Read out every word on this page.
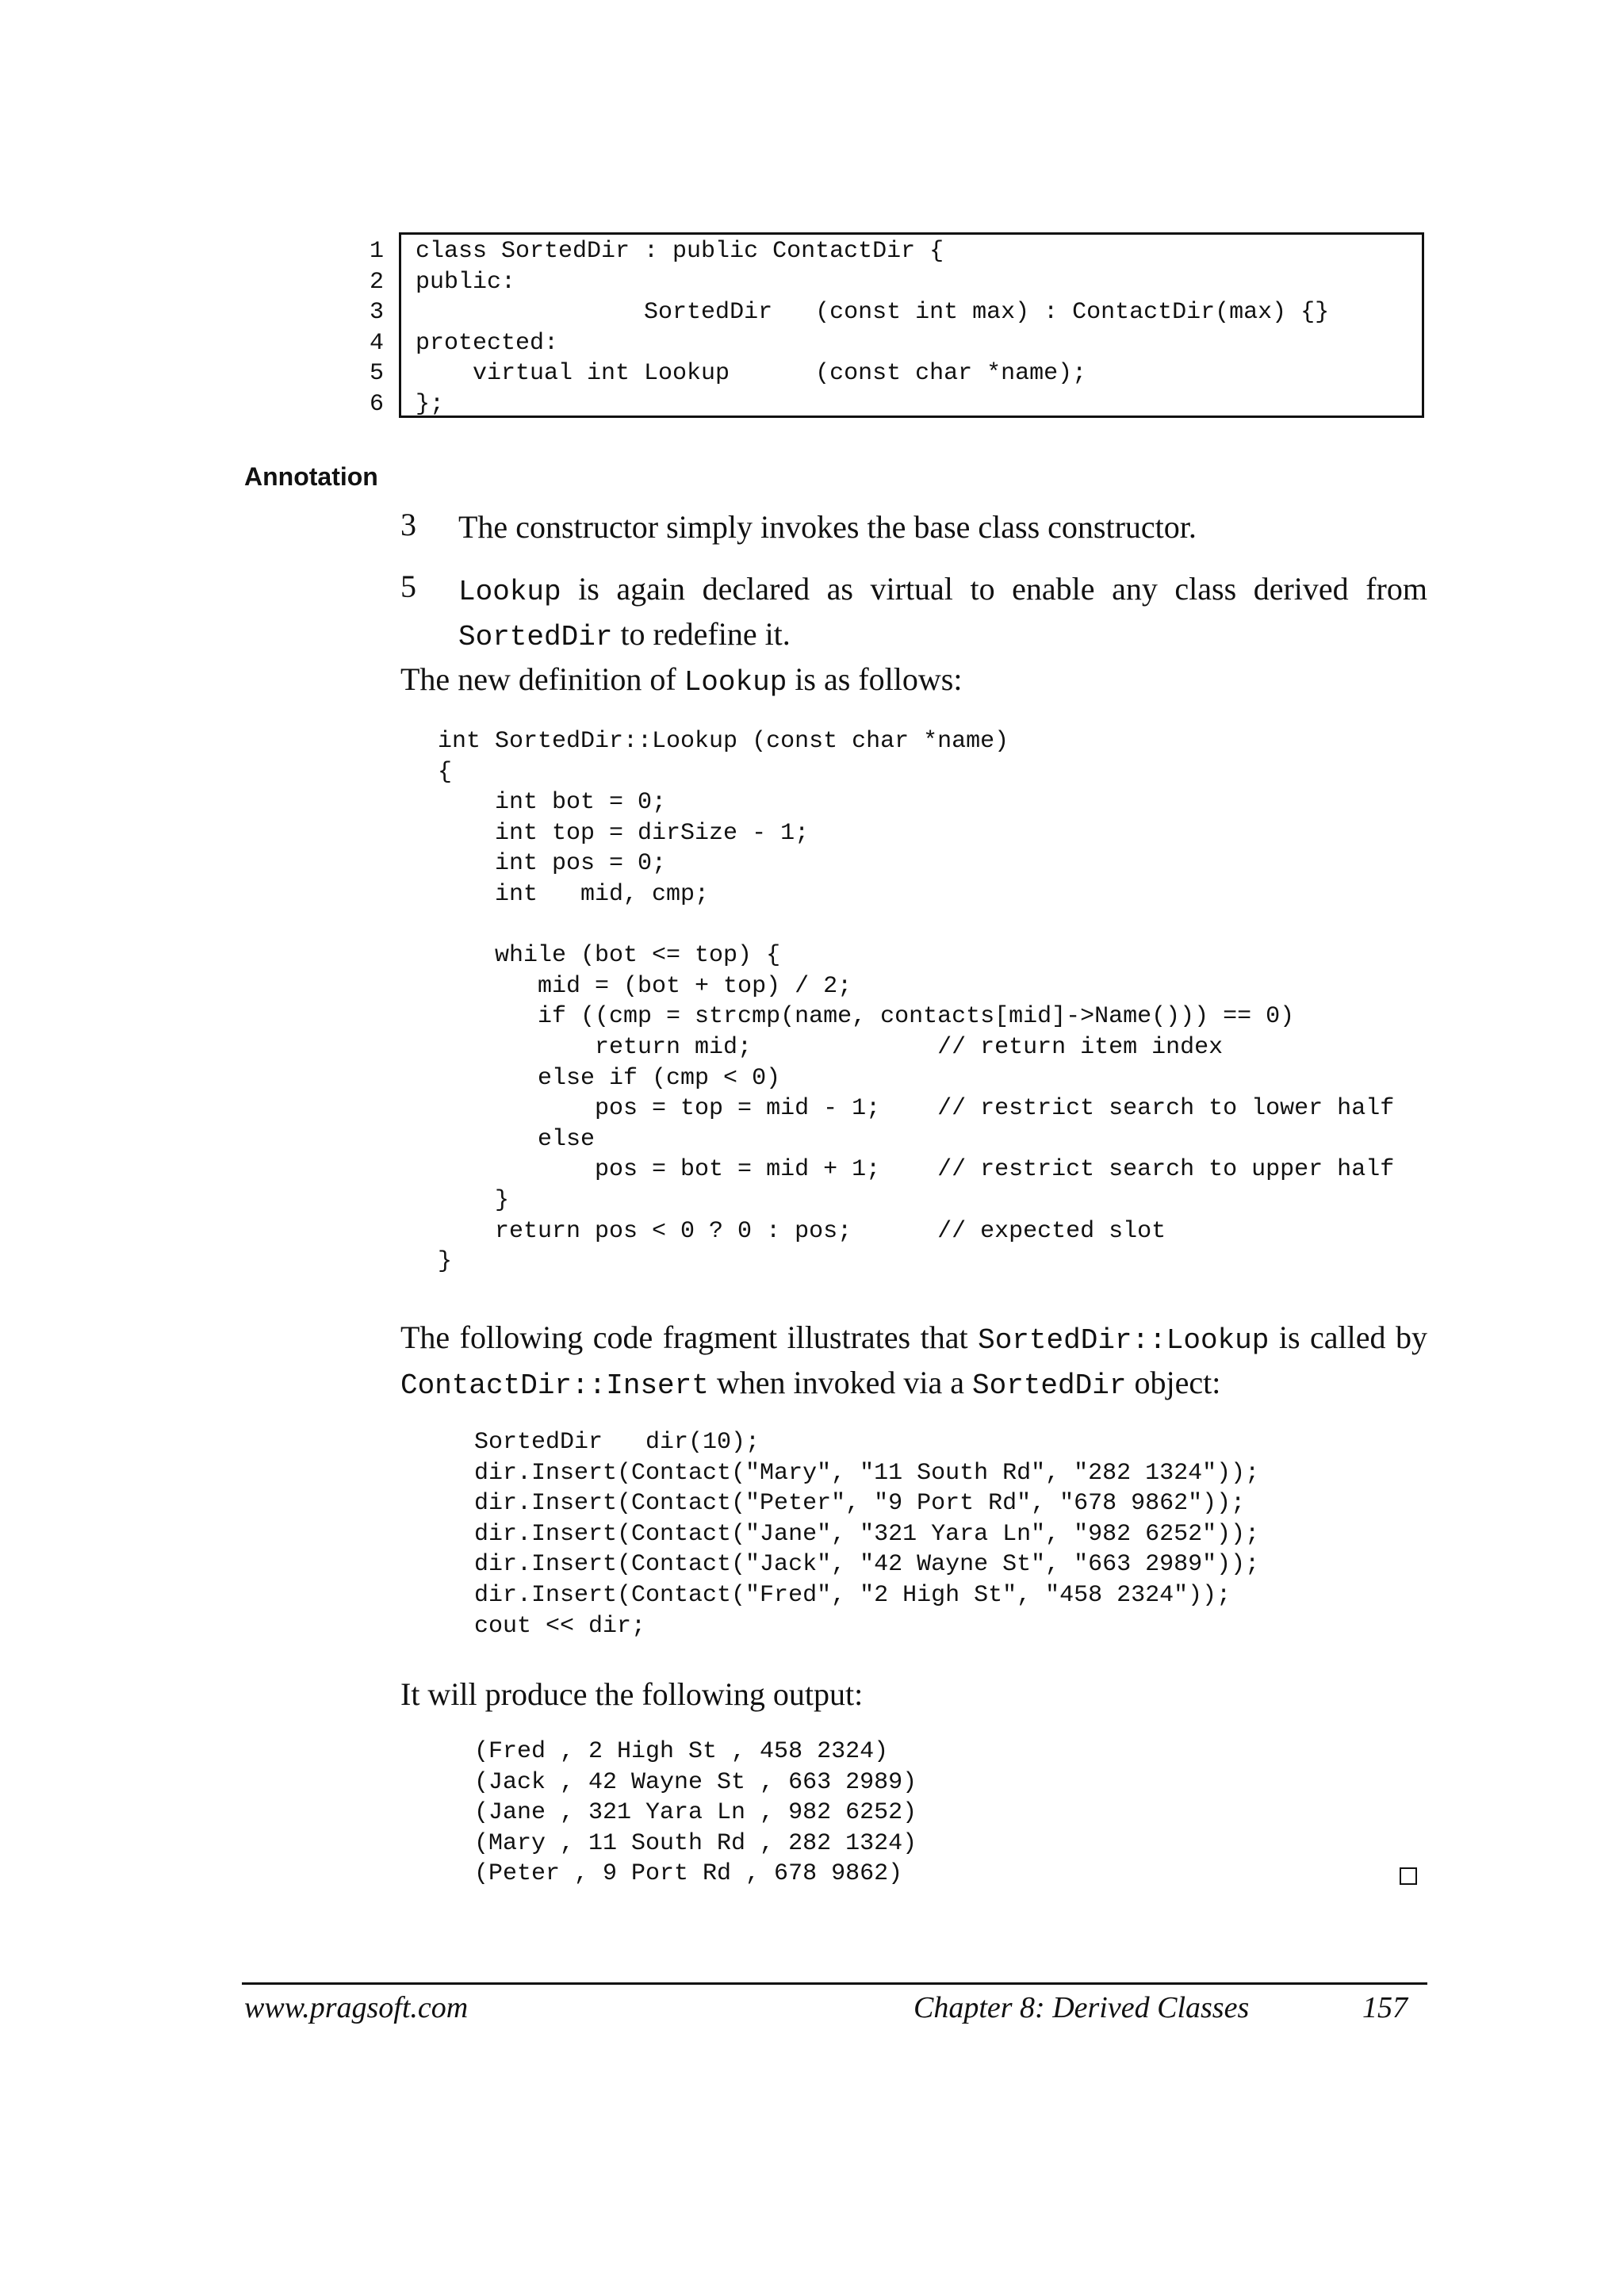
1
2
3
4
5
6
class SortedDir : public ContactDir {
public:
SortedDir   (const int max) : ContactDir(max) {}
protected:
virtual int Lookup      (const char *name);
};
Annotation
3 The constructor simply invokes the base class constructor.
5 Lookup is again declared as virtual to enable any class derived from SortedDir to redefine it.
The new definition of Lookup is as follows:
int SortedDir::Lookup (const char *name)
{
int bot = 0;
int top = dirSize - 1;
int pos = 0;
int   mid, cmp;

while (bot <= top) {
mid = (bot + top) / 2;
if ((cmp = strcmp(name, contacts[mid]->Name())) == 0)
return mid;             // return item index
else if (cmp < 0)
pos = top = mid - 1;    // restrict search to lower half
else
pos = bot = mid + 1;    // restrict search to upper half
}
return pos < 0 ? 0 : pos;      // expected slot
}
The following code fragment illustrates that SortedDir::Lookup is called by ContactDir::Insert when invoked via a SortedDir object:
SortedDir   dir(10);
dir.Insert(Contact("Mary", "11 South Rd", "282 1324"));
dir.Insert(Contact("Peter", "9 Port Rd", "678 9862"));
dir.Insert(Contact("Jane", "321 Yara Ln", "982 6252"));
dir.Insert(Contact("Jack", "42 Wayne St", "663 2989"));
dir.Insert(Contact("Fred", "2 High St", "458 2324"));
cout << dir;
It will produce the following output:
(Fred , 2 High St , 458 2324)
(Jack , 42 Wayne St , 663 2989)
(Jane , 321 Yara Ln , 982 6252)
(Mary , 11 South Rd , 282 1324)
(Peter , 9 Port Rd , 678 9862)
www.pragsoft.com	Chapter 8: Derived Classes	157
